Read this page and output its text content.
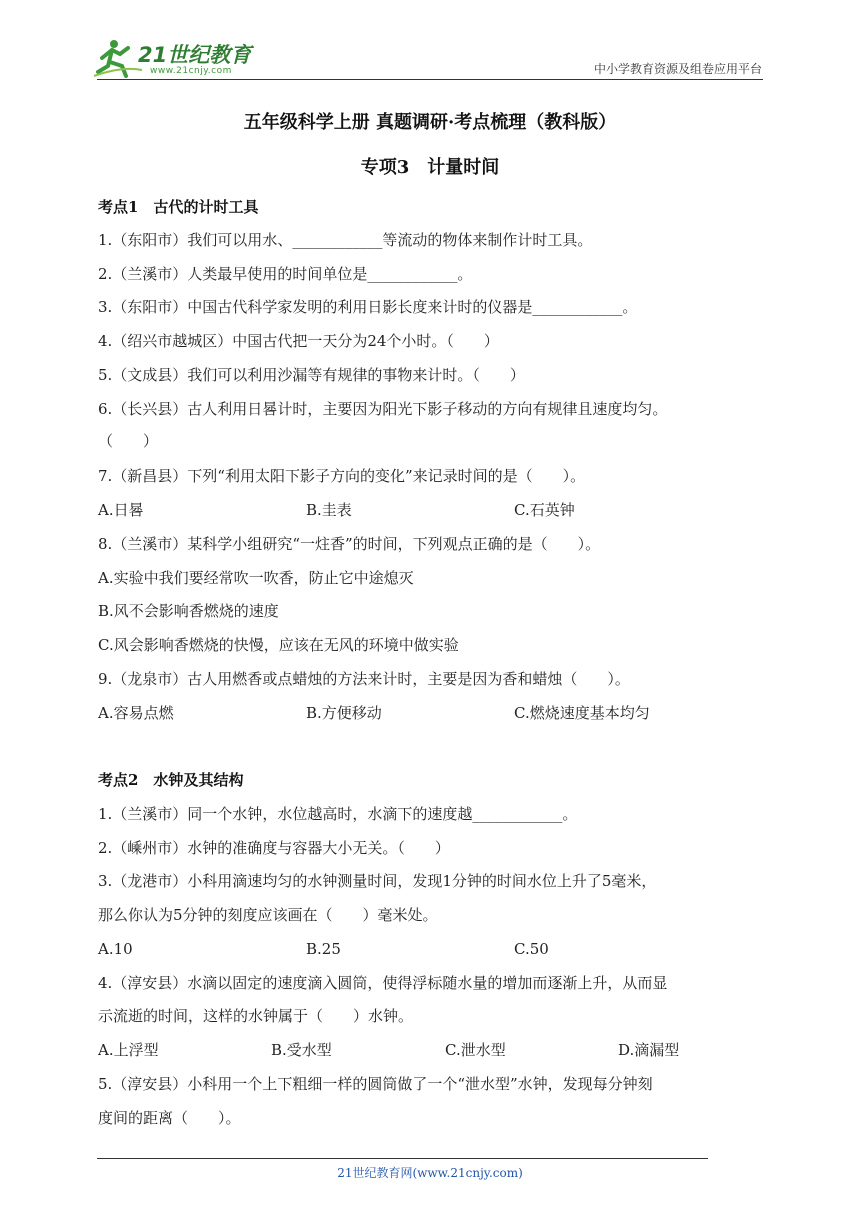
21世纪教育
www.21cnjy.com	中小学教育资源及组卷应用平台
五年级科学上册 真题调研·考点梳理（教科版）
专项3　计量时间
考点1　古代的计时工具
1.（东阳市）我们可以用水、____________等流动的物体来制作计时工具。
2.（兰溪市）人类最早使用的时间单位是____________。
3.（东阳市）中国古代科学家发明的利用日影长度来计时的仪器是____________。
4.（绍兴市越城区）中国古代把一天分为24个小时。（　　）
5.（文成县）我们可以利用沙漏等有规律的事物来计时。（　　）
6.（长兴县）古人利用日晷计时，主要因为阳光下影子移动的方向有规律且速度均匀。
（　　）
7.（新昌县）下列“利用太阳下影子方向的变化”来记录时间的是（　　）。
A.日晷	B.圭表	C.石英钟
8.（兰溪市）某科学小组研究“一炷香”的时间，下列观点正确的是（　　）。
A.实验中我们要经常吹一吹香，防止它中途熄灭
B.风不会影响香燃烧的速度
C.风会影响香燃烧的快慢，应该在无风的环境中做实验
9.（龙泉市）古人用燃香或点蜡烛的方法来计时，主要是因为香和蜡烛（　　）。
A.容易点燃	B.方便移动	C.燃烧速度基本均匀
考点2　水钟及其结构
1.（兰溪市）同一个水钟，水位越高时，水滴下的速度越____________。
2.（嵊州市）水钟的准确度与容器大小无关。（　　）
3.（龙港市）小科用滴速均匀的水钟测量时间，发现1分钟的时间水位上升了5毫米，
那么你认为5分钟的刻度应该画在（　　）毫米处。
A.10	B.25	C.50
4.（淳安县）水滴以固定的速度滴入圆筒，使得浮标随水量的增加而逐渐上升，从而显
示流逝的时间，这样的水钟属于（　　）水钟。
A.上浮型	B.受水型	C.泄水型	D.滴漏型
5.（淳安县）小科用一个上下粗细一样的圆筒做了一个“泄水型”水钟，发现每分钟刻
度间的距离（　　）。
21世纪教育网(www.21cnjy.com)
